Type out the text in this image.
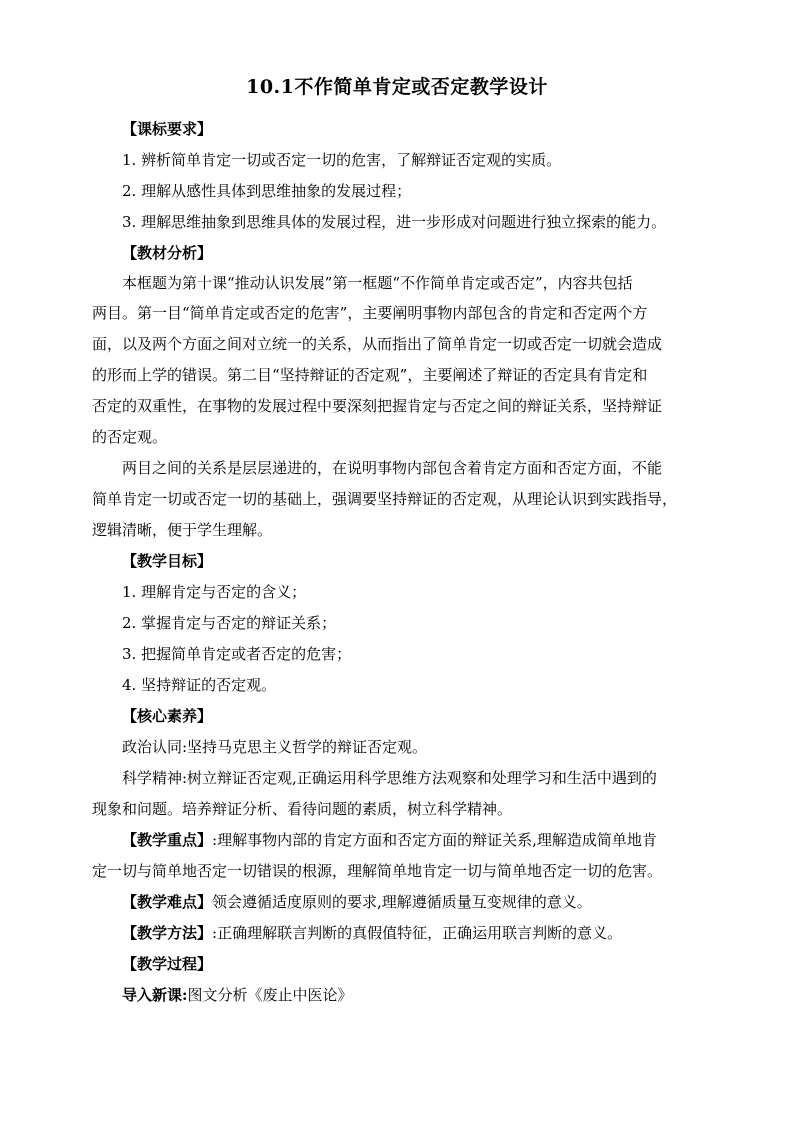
10.1不作简单肯定或否定教学设计
【课标要求】
1. 辨析简单肯定一切或否定一切的危害，了解辩证否定观的实质。
2. 理解从感性具体到思维抽象的发展过程；
3. 理解思维抽象到思维具体的发展过程，进一步形成对问题进行独立探索的能力。
【教材分析】
本框题为第十课“推动认识发展”第一框题“不作简单肯定或否定”，内容共包括
两目。第一目“简单肯定或否定的危害”，主要阐明事物内部包含的肯定和否定两个方
面，以及两个方面之间对立统一的关系，从而指出了简单肯定一切或否定一切就会造成
的形而上学的错误。第二目“坚持辩证的否定观”，主要阐述了辩证的否定具有肯定和
否定的双重性，在事物的发展过程中要深刻把握肯定与否定之间的辩证关系，坚持辩证
的否定观。
两目之间的关系是层层递进的，在说明事物内部包含着肯定方面和否定方面，不能
简单肯定一切或否定一切的基础上，强调要坚持辩证的否定观，从理论认识到实践指导，
逻辑清晰，便于学生理解。
【教学目标】
1. 理解肯定与否定的含义；
2. 掌握肯定与否定的辩证关系；
3. 把握简单肯定或者否定的危害；
4. 坚持辩证的否定观。
【核心素养】
政治认同:坚持马克思主义哲学的辩证否定观。
科学精神:树立辩证否定观,正确运用科学思维方法观察和处理学习和生活中遇到的
现象和问题。培养辩证分析、看待问题的素质，树立科学精神。
【教学重点】:理解事物内部的肯定方面和否定方面的辩证关系,理解造成简单地肯
定一切与简单地否定一切错误的根源，理解简单地肯定一切与简单地否定一切的危害。
【教学难点】领会遵循适度原则的要求,理解遵循质量互变规律的意义。
【教学方法】:正确理解联言判断的真假值特征，正确运用联言判断的意义。
【教学过程】
导入新课:图文分析《废止中医论》
